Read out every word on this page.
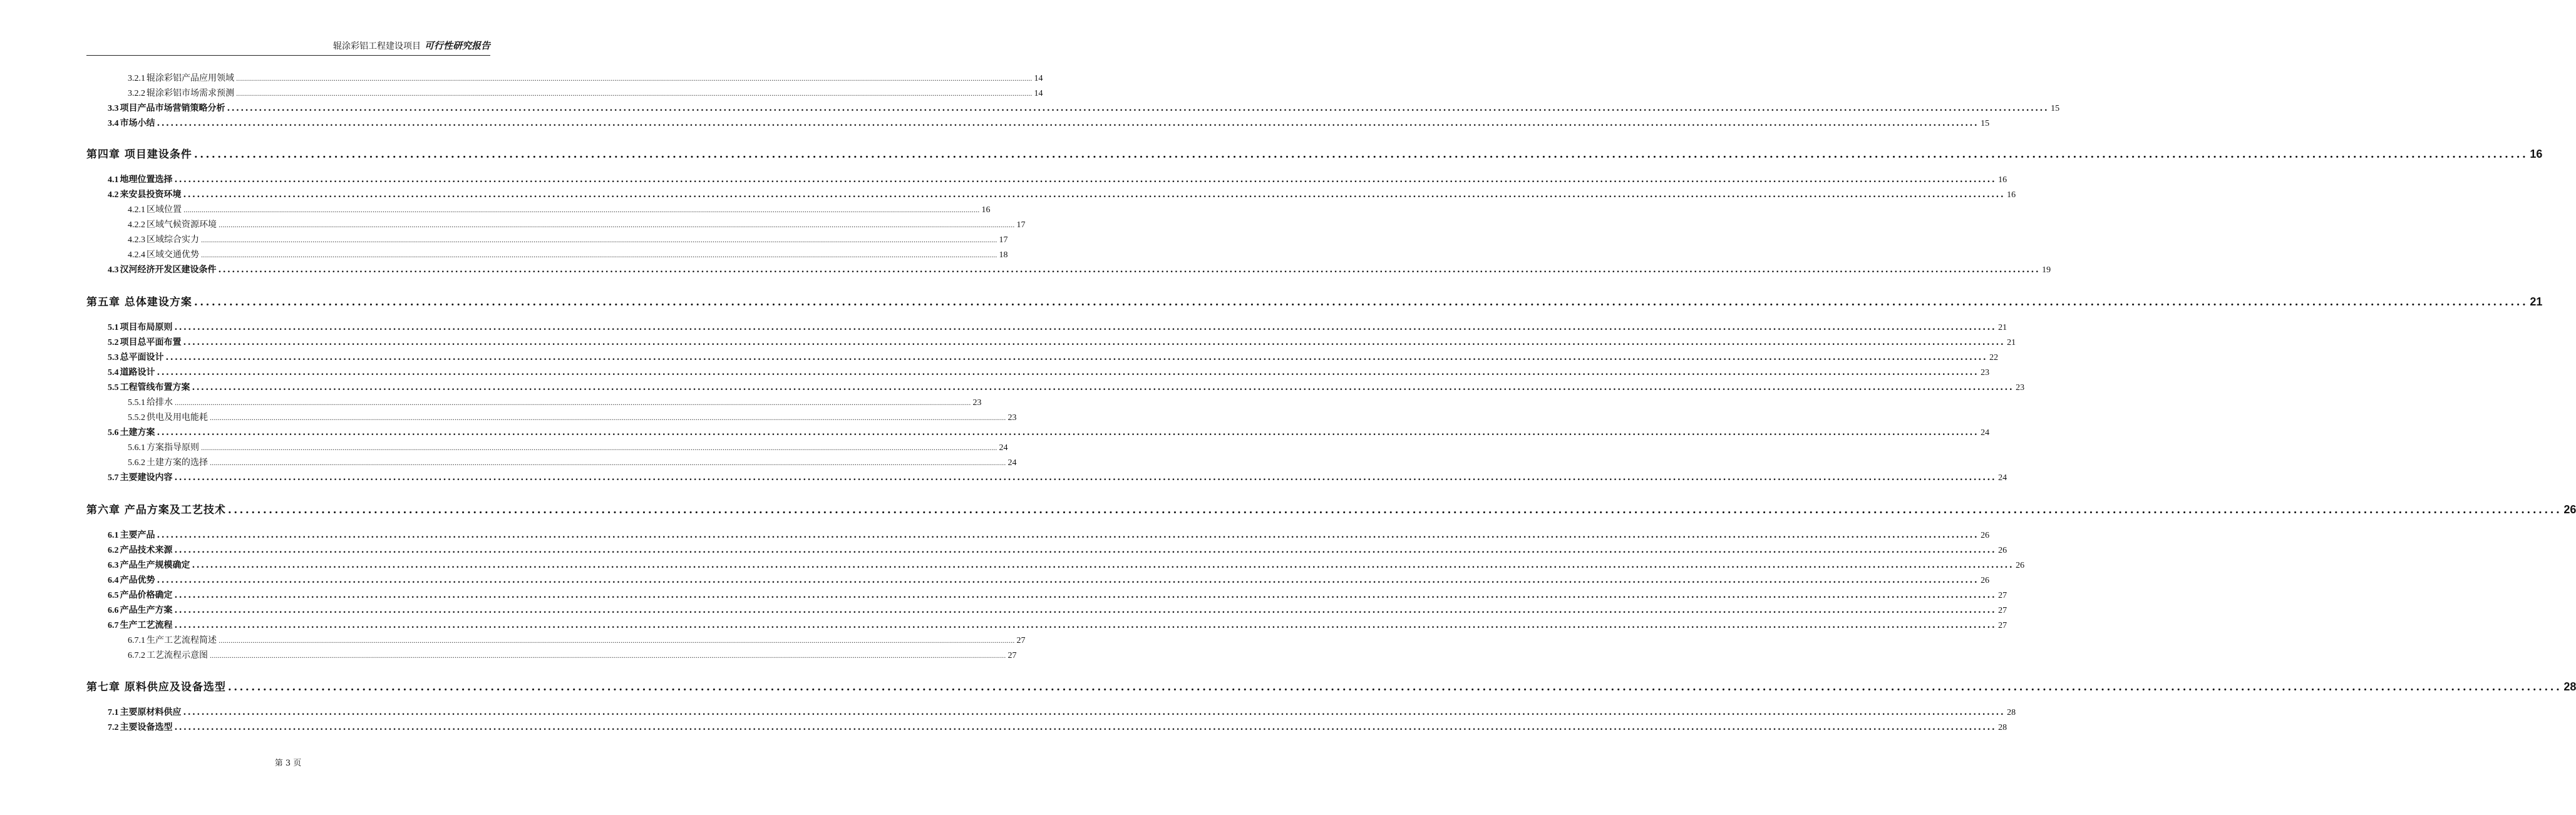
辊涂彩铝工程建设项目 可行性研究报告
3.2.1 辊涂彩铝产品应用领域 ................................................................................................................................................................................................................................................................................................................................................................................................................ 14
3.2.2 辊涂彩铝市场需求预测 ................................................................................................................................................................................................................................................................................................................................................................................................................ 14
3.3 项目产品市场营销策略分析 ................................................................................................................................................................................................................................................................................................................................................................................................................ 15
3.4 市场小结 ................................................................................................................................................................................................................................................................................................................................................................................................................ 15
第四章 项目建设条件 ................................................................................................................................................................................................................................................................................................................................................................................................................ 16
4.1 地理位置选择 ................................................................................................................................................................................................................................................................................................................................................................................................................ 16
4.2 来安县投资环境 ................................................................................................................................................................................................................................................................................................................................................................................................................ 16
4.2.1 区域位置 ................................................................................................................................................................................................................................................................................................................................................................................................................ 16
4.2.2 区域气候资源环境 ................................................................................................................................................................................................................................................................................................................................................................................................................ 17
4.2.3 区域综合实力 ................................................................................................................................................................................................................................................................................................................................................................................................................ 17
4.2.4 区域交通优势 ................................................................................................................................................................................................................................................................................................................................................................................................................ 18
4.3 汉河经济开发区建设条件 ................................................................................................................................................................................................................................................................................................................................................................................................................ 19
第五章 总体建设方案 ................................................................................................................................................................................................................................................................................................................................................................................................................ 21
5.1 项目布局原则 ................................................................................................................................................................................................................................................................................................................................................................................................................ 21
5.2 项目总平面布置 ................................................................................................................................................................................................................................................................................................................................................................................................................ 21
5.3 总平面设计 ................................................................................................................................................................................................................................................................................................................................................................................................................ 22
5.4 道路设计 ................................................................................................................................................................................................................................................................................................................................................................................................................ 23
5.5 工程管线布置方案 ................................................................................................................................................................................................................................................................................................................................................................................................................ 23
5.5.1 给排水 ................................................................................................................................................................................................................................................................................................................................................................................................................ 23
5.5.2 供电及用电能耗 ................................................................................................................................................................................................................................................................................................................................................................................................................ 23
5.6 土建方案 ................................................................................................................................................................................................................................................................................................................................................................................................................ 24
5.6.1 方案指导原则 ................................................................................................................................................................................................................................................................................................................................................................................................................ 24
5.6.2 土建方案的选择 ................................................................................................................................................................................................................................................................................................................................................................................................................ 24
5.7 主要建设内容 ................................................................................................................................................................................................................................................................................................................................................................................................................ 24
第六章 产品方案及工艺技术 ................................................................................................................................................................................................................................................................................................................................................................................................................ 26
6.1 主要产品 ................................................................................................................................................................................................................................................................................................................................................................................................................ 26
6.2 产品技术来源 ................................................................................................................................................................................................................................................................................................................................................................................................................ 26
6.3 产品生产规模确定 ................................................................................................................................................................................................................................................................................................................................................................................................................ 26
6.4 产品优势 ................................................................................................................................................................................................................................................................................................................................................................................................................ 26
6.5 产品价格确定 ................................................................................................................................................................................................................................................................................................................................................................................................................ 27
6.6 产品生产方案 ................................................................................................................................................................................................................................................................................................................................................................................................................ 27
6.7 生产工艺流程 ................................................................................................................................................................................................................................................................................................................................................................................................................ 27
6.7.1 生产工艺流程简述 ................................................................................................................................................................................................................................................................................................................................................................................................................ 27
6.7.2 工艺流程示意图 ................................................................................................................................................................................................................................................................................................................................................................................................................ 27
第七章 原料供应及设备选型 ................................................................................................................................................................................................................................................................................................................................................................................................................ 28
7.1 主要原材料供应 ................................................................................................................................................................................................................................................................................................................................................................................................................ 28
7.2 主要设备选型 ................................................................................................................................................................................................................................................................................................................................................................................................................ 28
第 3 页
